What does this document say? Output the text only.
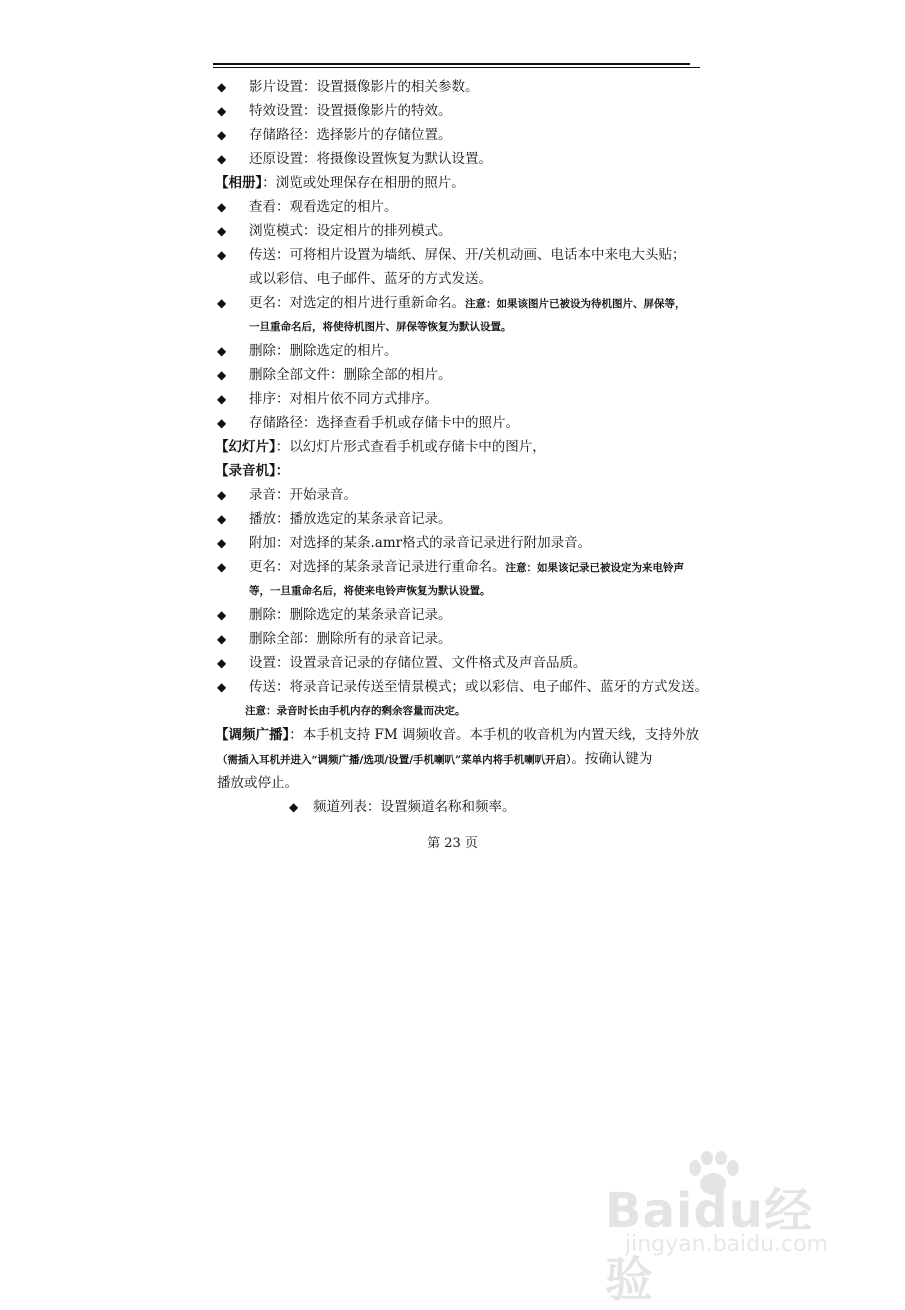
◆ 影片设置：设置摄像影片的相关参数。
◆ 特效设置：设置摄像影片的特效。
◆ 存储路径：选择影片的存储位置。
◆ 还原设置：将摄像设置恢复为默认设置。
【相册】：浏览或处理保存在相册的照片。
◆ 查看：观看选定的相片。
◆ 浏览模式：设定相片的排列模式。
◆ 传送：可将相片设置为墙纸、屏保、开/关机动画、电话本中来电大头贴；
或以彩信、电子邮件、蓝牙的方式发送。
◆ 更名：对选定的相片进行重新命名。注意：如果该图片已被设为待机图片、屏保等，
一旦重命名后，将使待机图片、屏保等恢复为默认设置。
◆ 删除：删除选定的相片。
◆ 删除全部文件：删除全部的相片。
◆ 排序：对相片依不同方式排序。
◆ 存储路径：选择查看手机或存储卡中的照片。
【幻灯片】：以幻灯片形式查看手机或存储卡中的图片，
【录音机】：
◆ 录音：开始录音。
◆ 播放：播放选定的某条录音记录。
◆ 附加：对选择的某条.amr格式的录音记录进行附加录音。
◆ 更名：对选择的某条录音记录进行重命名。注意：如果该记录已被设定为来电铃声
等，一旦重命名后，将使来电铃声恢复为默认设置。
◆ 删除：删除选定的某条录音记录。
◆ 删除全部：删除所有的录音记录。
◆ 设置：设置录音记录的存储位置、文件格式及声音品质。
◆ 传送：将录音记录传送至情景模式；或以彩信、电子邮件、蓝牙的方式发送。
注意：录音时长由手机内存的剩余容量而决定。
【调频广播】：本手机支持 FM 调频收音。本手机的收音机为内置天线，支持外放
（需插入耳机并进入“调频广播/选项/设置/手机喇叭”菜单内将手机喇叭开启）。按确认键为
播放或停止。
◆ 频道列表：设置频道名称和频率。
第 23 页
Baidu经验
jingyan.baidu.com
